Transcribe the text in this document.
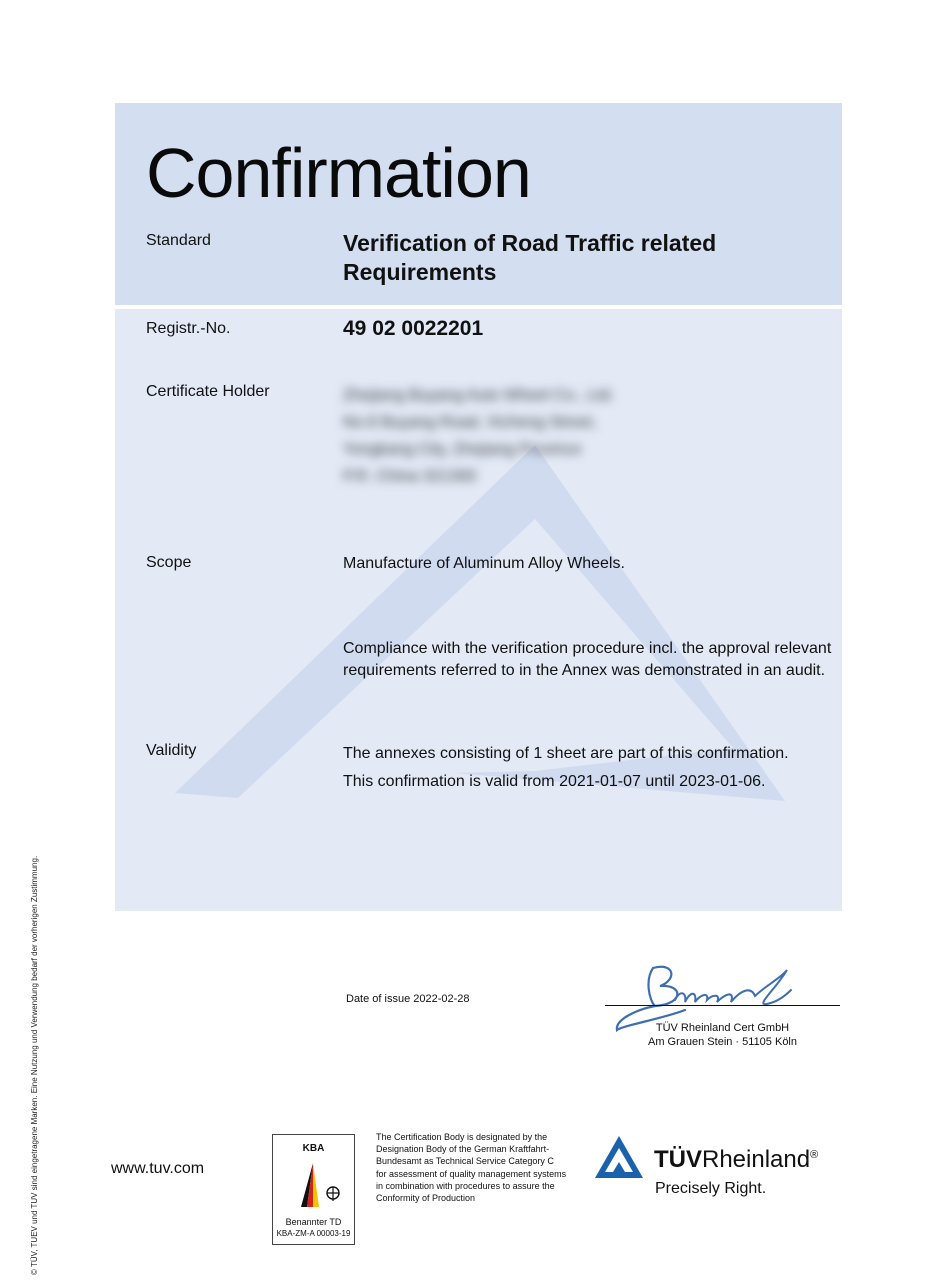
© TÜV, TUEV und TUV sind eingetragene Marken. Eine Nutzung und Verwendung bedarf der vorherigen Zustimmung.
Confirmation
Standard	Verification of Road Traffic related
Requirements
Registr.-No.	49 02 0022201
Certificate Holder	Zhejiang Buyang Auto Wheel Co., Ltd.
No.8 Buyang Road, Xicheng Street,
Yongkang City, Zhejiang Province
P.R. China 321300
Scope	Manufacture of Aluminum Alloy Wheels.
Compliance with the verification procedure incl. the approval relevant
requirements referred to in the Annex was demonstrated in an audit.
Validity	The annexes consisting of 1 sheet are part of this confirmation.
This confirmation is valid from 2021-01-07 until 2023-01-06.
Date of issue 2022-02-28
TÜV Rheinland Cert GmbH
Am Grauen Stein · 51105 Köln
www.tuv.com
KBA
Benannter TD
KBA-ZM-A 00003-19
The Certification Body is designated by the
Designation Body of the German Kraftfahrt-
Bundesamt as Technical Service Category C
for assessment of quality management systems
in combination with procedures to assure the
Conformity of Production
TÜVRheinland®
Precisely Right.
